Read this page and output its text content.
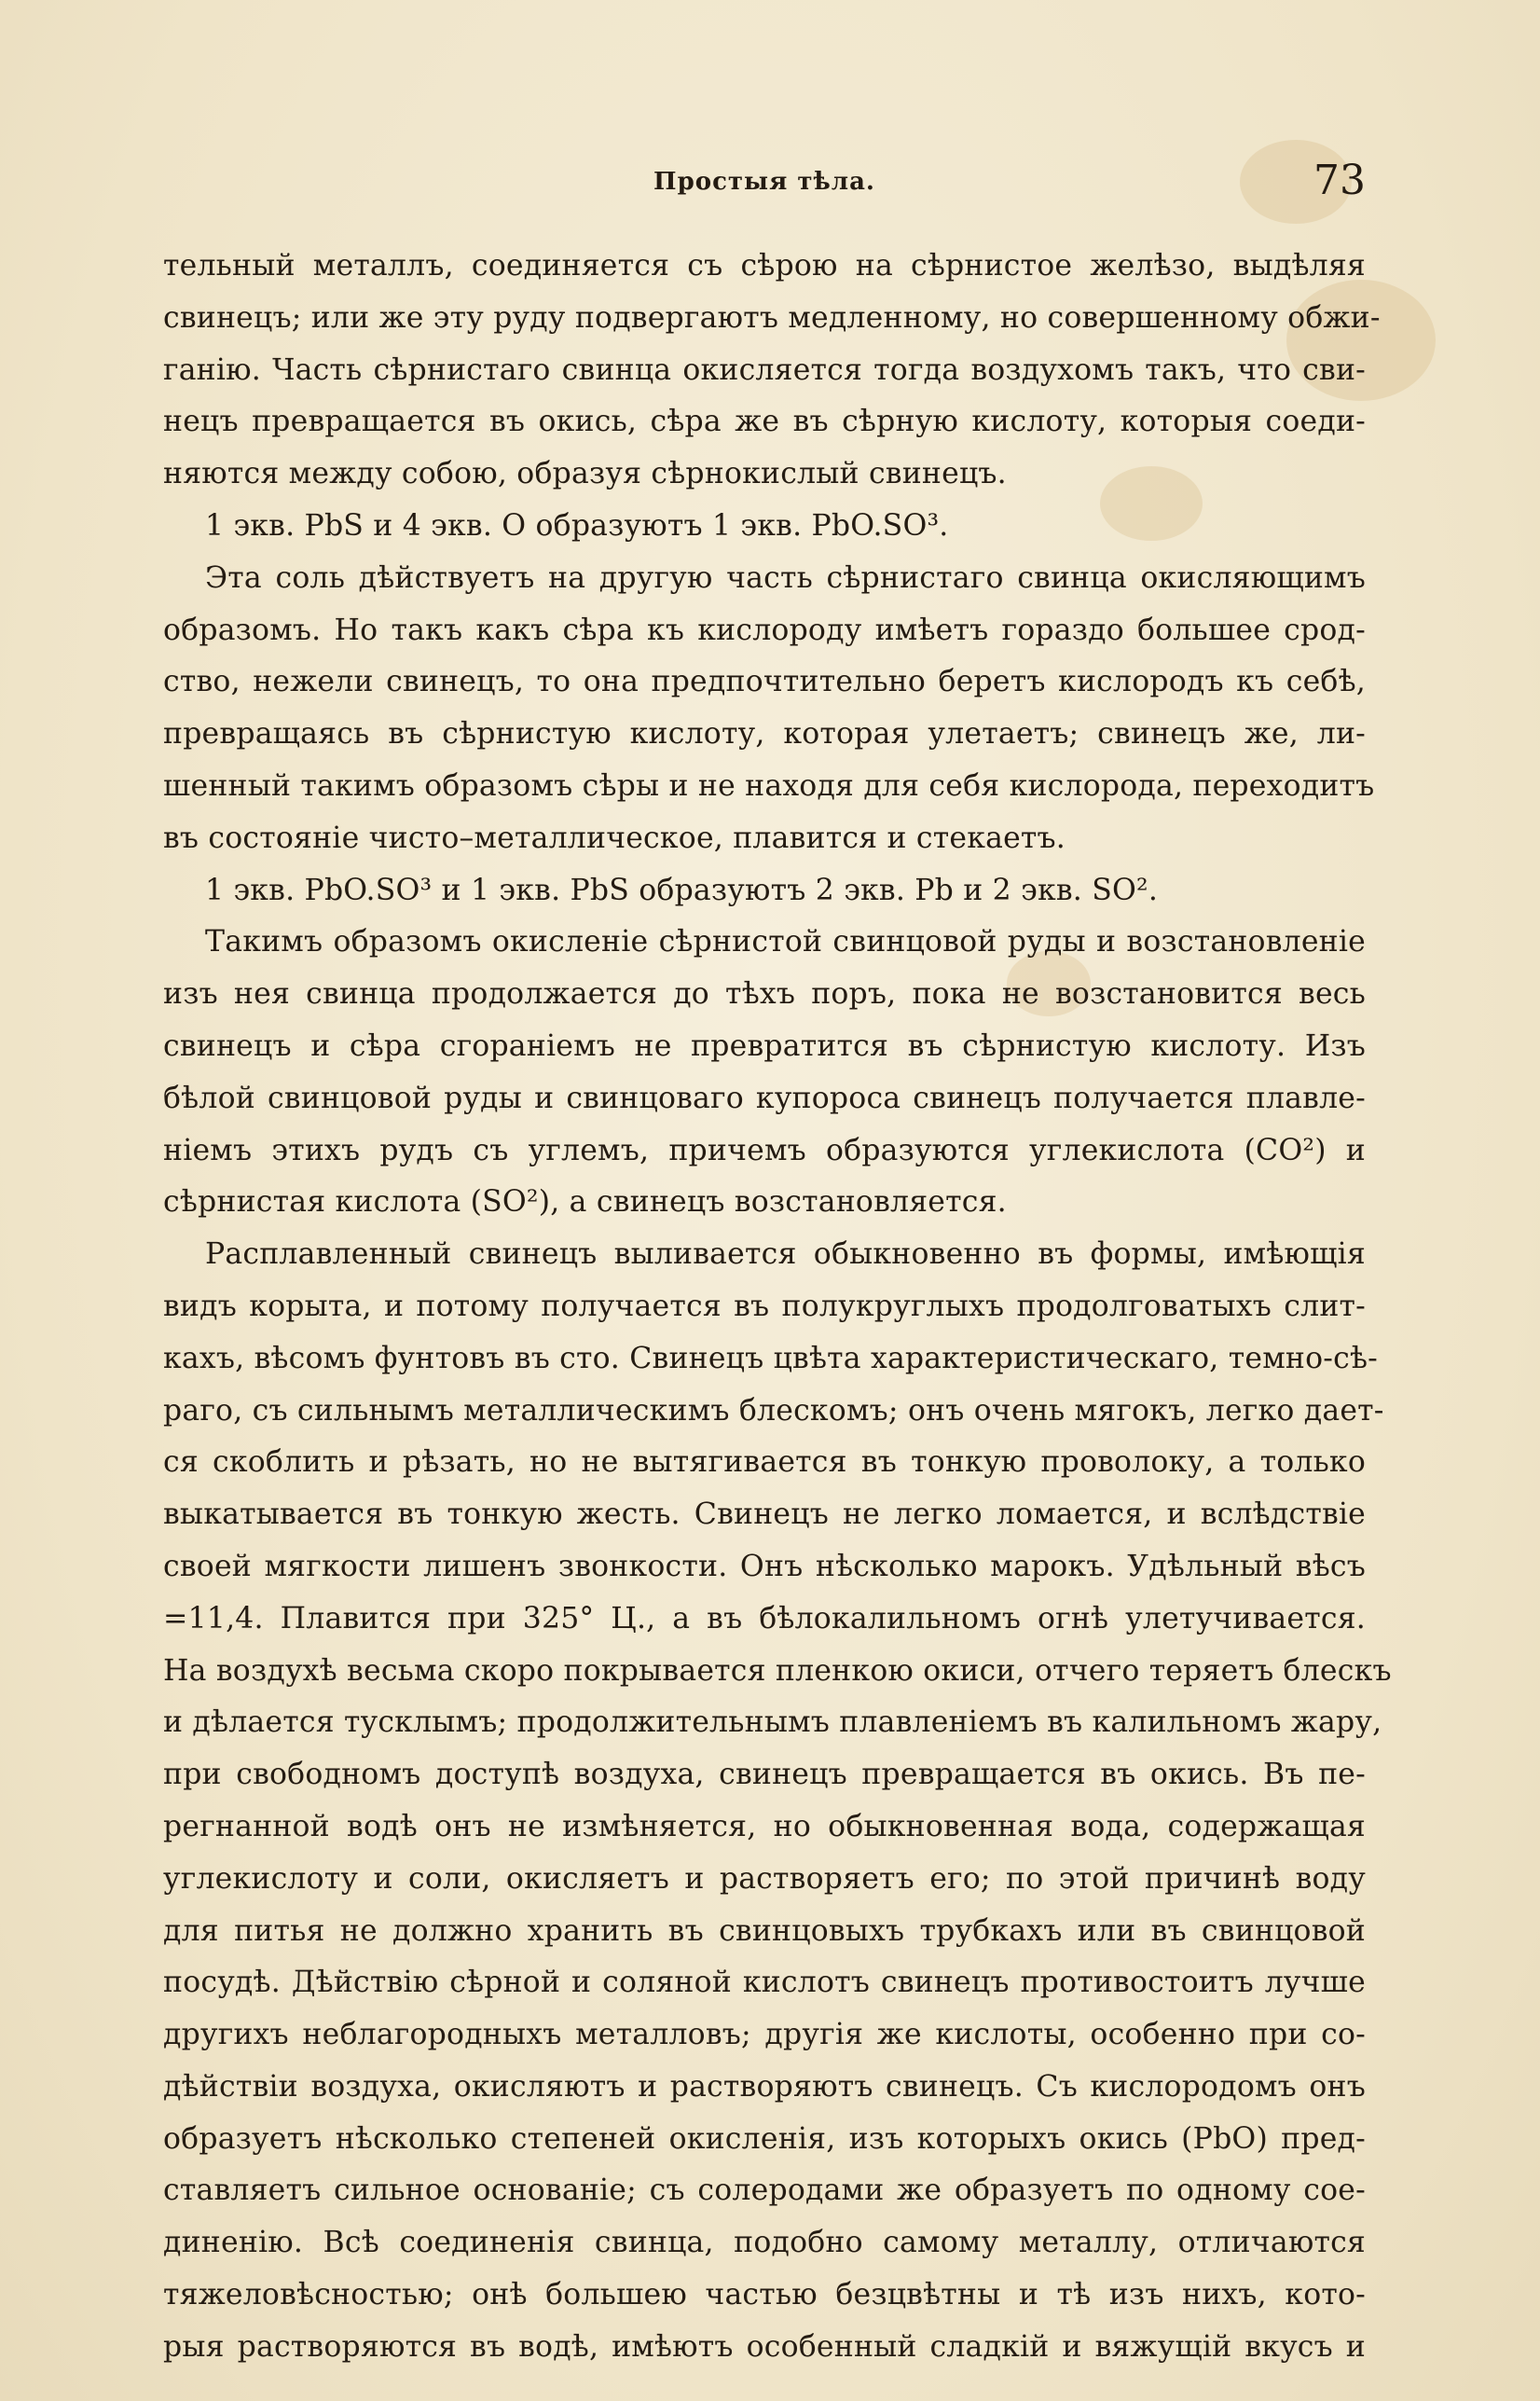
Простыя тѣла.	73
тельный металлъ, соединяется съ сѣрою на сѣрнистое желѣзо, выдѣляя
свинецъ; или же эту руду подвергаютъ медленному, но совершенному обжи-
ганію. Часть сѣрнистаго свинца окисляется тогда воздухомъ такъ, что сви-
нецъ превращается въ окись, сѣра же въ сѣрную кислоту, которыя соеди-
няются между собою, образуя сѣрнокислый свинецъ.
1 экв. PbS и 4 экв. O образуютъ 1 экв. PbO.SO³.
Эта соль дѣйствуетъ на другую часть сѣрнистаго свинца окисляющимъ
образомъ. Но такъ какъ сѣра къ кислороду имѣетъ гораздо большее срод-
ство, нежели свинецъ, то она предпочтительно беретъ кислородъ къ себѣ,
превращаясь въ сѣрнистую кислоту, которая улетаетъ; свинецъ же, ли-
шенный такимъ образомъ сѣры и не находя для себя кислорода, переходитъ
въ состояніе чисто–металлическое, плавится и стекаетъ.
1 экв. PbO.SO³ и 1 экв. PbS образуютъ 2 экв. Pb и 2 экв. SO².
Такимъ образомъ окисленіе сѣрнистой свинцовой руды и возстановленіе
изъ нея свинца продолжается до тѣхъ поръ, пока не возстановится весь
свинецъ и сѣра сгораніемъ не превратится въ сѣрнистую кислоту. Изъ
бѣлой свинцовой руды и свинцоваго купороса свинецъ получается плавле-
ніемъ этихъ рудъ съ углемъ, причемъ образуются углекислота (CO²) и
сѣрнистая кислота (SO²), а свинецъ возстановляется.
Расплавленный свинецъ выливается обыкновенно въ формы, имѣющія
видъ корыта, и потому получается въ полукруглыхъ продолговатыхъ слит-
кахъ, вѣсомъ фунтовъ въ сто. Свинецъ цвѣта характеристическаго, темно-сѣ-
раго, съ сильнымъ металлическимъ блескомъ; онъ очень мягокъ, легко дает-
ся скоблить и рѣзать, но не вытягивается въ тонкую проволоку, а только
выкатывается въ тонкую жесть. Свинецъ не легко ломается, и вслѣдствіе
своей мягкости лишенъ звонкости. Онъ нѣсколько марокъ. Удѣльный вѣсъ
=11,4. Плавится при 325° Ц., а въ бѣлокалильномъ огнѣ улетучивается.
На воздухѣ весьма скоро покрывается пленкою окиси, отчего теряетъ блескъ
и дѣлается тусклымъ; продолжительнымъ плавленіемъ въ калильномъ жару,
при свободномъ доступѣ воздуха, свинецъ превращается въ окись. Въ пе-
регнанной водѣ онъ не измѣняется, но обыкновенная вода, содержащая
углекислоту и соли, окисляетъ и растворяетъ его; по этой причинѣ воду
для питья не должно хранить въ свинцовыхъ трубкахъ или въ свинцовой
посудѣ. Дѣйствію сѣрной и соляной кислотъ свинецъ противостоитъ лучше
другихъ неблагородныхъ металловъ; другія же кислоты, особенно при со-
дѣйствіи воздуха, окисляютъ и растворяютъ свинецъ. Съ кислородомъ онъ
образуетъ нѣсколько степеней окисленія, изъ которыхъ окись (PbO) пред-
ставляетъ сильное основаніе; съ солеродами же образуетъ по одному сое-
диненію. Всѣ соединенія свинца, подобно самому металлу, отличаются
тяжеловѣсностью; онѣ большею частью безцвѣтны и тѣ изъ нихъ, кото-
рыя растворяются въ водѣ, имѣютъ особенный сладкій и вяжущій вкусъ и
